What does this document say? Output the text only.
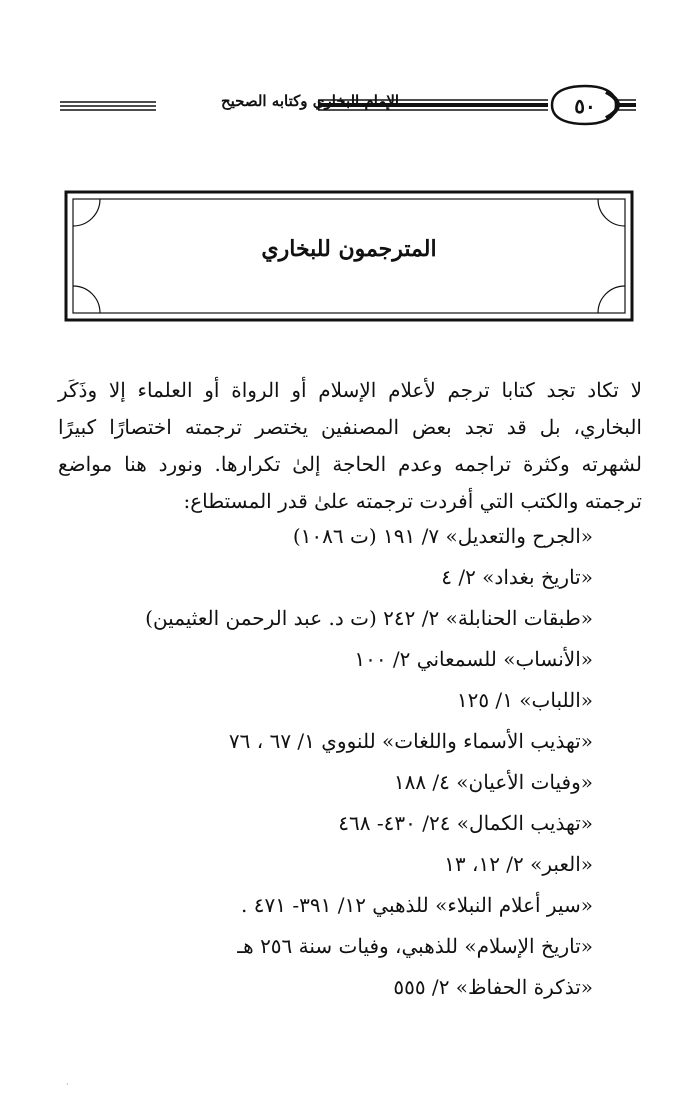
الإمام البخاري وكتابه الصحيح	٥٠
المترجمون للبخاري

لا تكاد تجد كتابا ترجم لأعلام الإسلام أو الرواة أو العلماء إلا وذَكَر البخاري، بل قد تجد بعض المصنفين يختصر ترجمته اختصارًا كبيرًا لشهرته وكثرة تراجمه وعدم الحاجة إلىٰ تكرارها. ونورد هنا مواضع ترجمته والكتب التي أفردت ترجمته علىٰ قدر المستطاع:

«الجرح والتعديل» ٧/ ١٩١ (ت ١٠٨٦)
«تاريخ بغداد» ٢/ ٤
«طبقات الحنابلة» ٢/ ٢٤٢ (ت د. عبد الرحمن العثيمين)
«الأنساب» للسمعاني ٢/ ١٠٠
«اللباب» ١/ ١٢٥
«تهذيب الأسماء واللغات» للنووي ١/ ٦٧ ، ٧٦
«وفيات الأعيان» ٤/ ١٨٨
«تهذيب الكمال» ٢٤/ ٤٣٠- ٤٦٨
«العبر» ٢/ ١٢، ١٣
«سير أعلام النبلاء» للذهبي ١٢/ ٣٩١- ٤٧١ .
«تاريخ الإسلام» للذهبي، وفيات سنة ٢٥٦ هـ
«تذكرة الحفاظ» ٢/ ٥٥٥
·
